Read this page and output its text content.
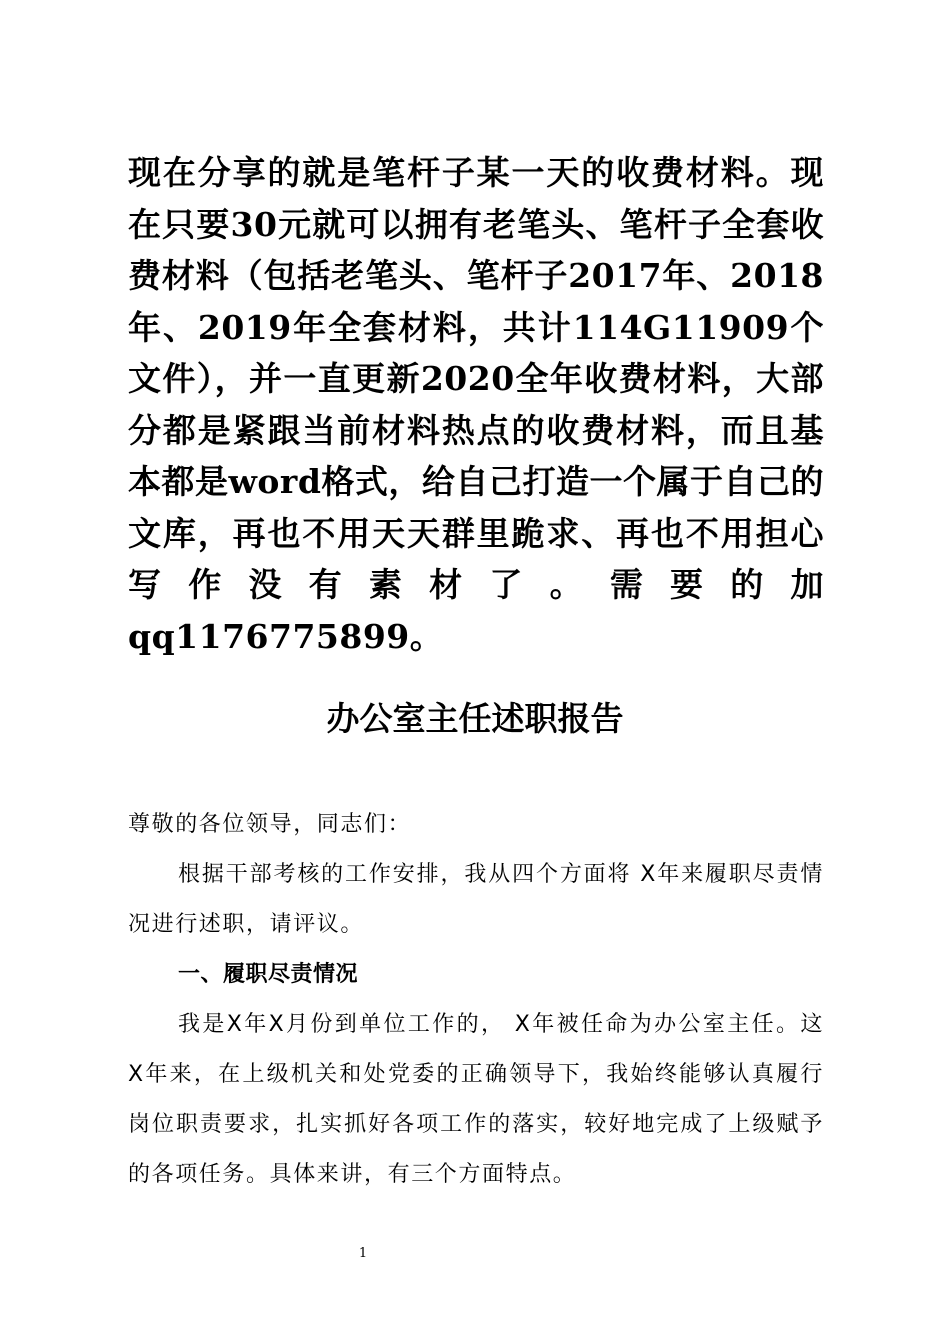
现在分享的就是笔杆子某一天的收费材料。现在只要30元就可以拥有老笔头、笔杆子全套收费材料（包括老笔头、笔杆子2017年、2018年、2019年全套材料，共计114G11909个文件），并一直更新2020全年收费材料，大部分都是紧跟当前材料热点的收费材料，而且基本都是word格式，给自己打造一个属于自己的文库，再也不用天天群里跪求、再也不用担心写作没有素材了。需要的加qq1176775899。

办公室主任述职报告

尊敬的各位领导，同志们：

根据干部考核的工作安排，我从四个方面将 X年来履职尽责情况进行述职，请评议。

一、履职尽责情况

我是X年X月份到单位工作的， X年被任命为办公室主任。这 X年来，在上级机关和处党委的正确领导下，我始终能够认真履行岗位职责要求，扎实抓好各项工作的落实，较好地完成了上级赋予的各项任务。具体来讲，有三个方面特点。

1
